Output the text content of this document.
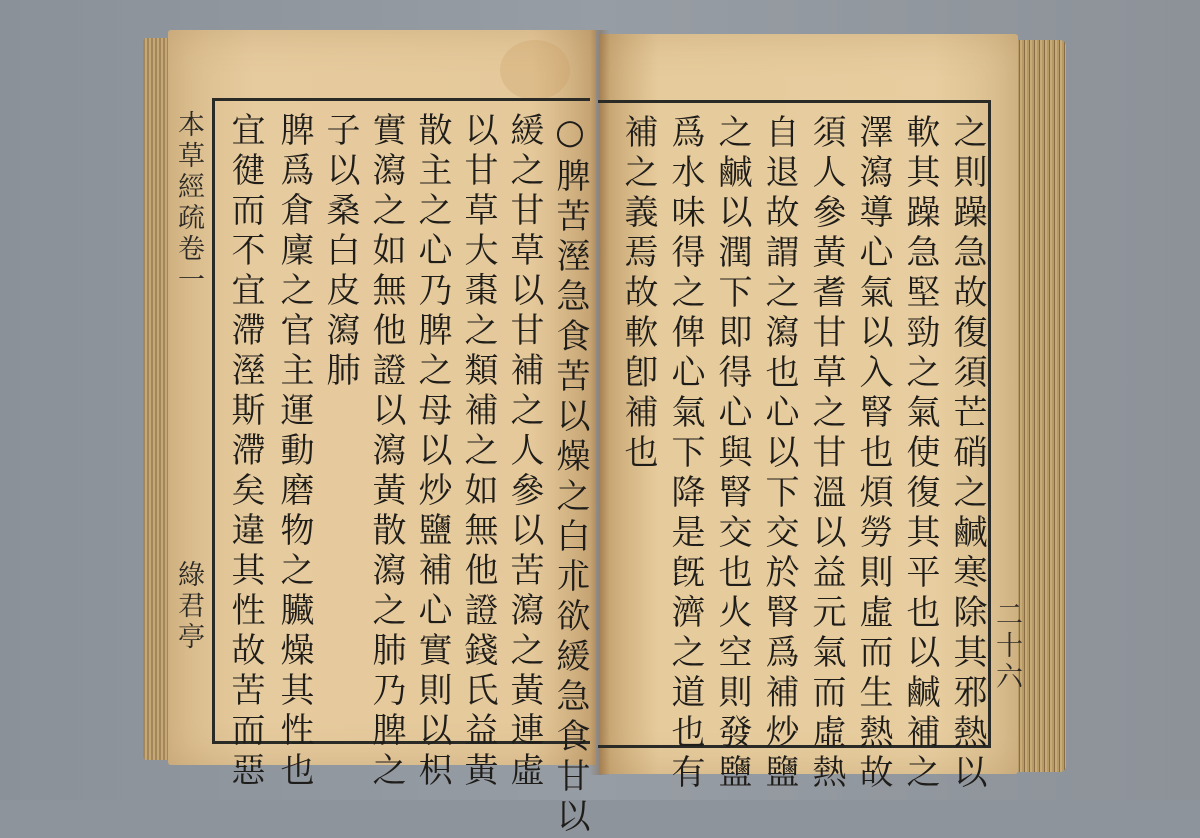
本草經疏卷一
綠君亭	○脾苦溼急食苦以燥之白朮欲緩急食甘以
緩之甘草以甘補之人參以苦瀉之黃連虛
以甘草大棗之類補之如無他證錢氏益黃
散主之心乃脾之母以炒鹽補心實則以枳
實瀉之如無他證以瀉黃散瀉之肺乃脾之
子以桑白皮瀉肺
脾爲倉廩之官主運動磨物之臟燥其性也
宜徤而不宜滯溼斯滯矣違其性故苦而惡	之則躁急故復須芒硝之鹹寒除其邪熱以
軟其躁急堅勁之氣使復其平也以鹹補之
澤瀉導心氣以入腎也煩勞則虛而生熱故
須人參黃耆甘草之甘溫以益元氣而虛熱
自退故謂之瀉也心以下交於腎爲補炒鹽
之鹹以潤下即得心與腎交也火空則發鹽
爲水味得之俾心氣下降是旣濟之道也有
補之義焉故軟卽補也
二十六
